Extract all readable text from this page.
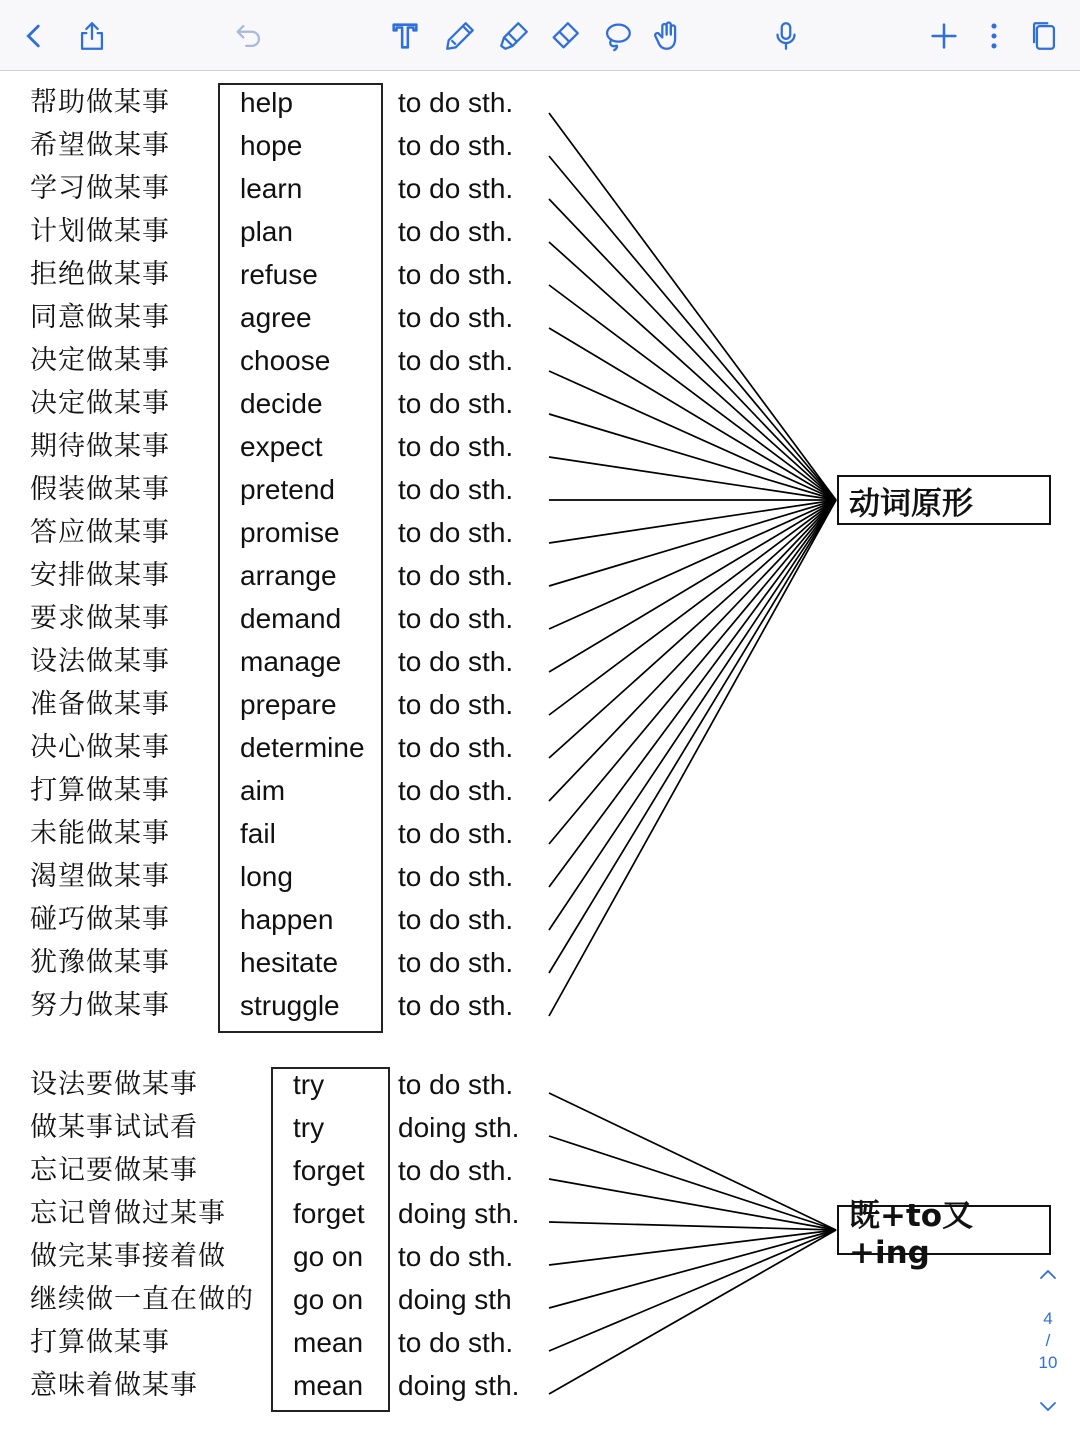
动词原形
既+to又+ing
帮助做某事	help	to do sth.
希望做某事	hope	to do sth.
学习做某事	learn	to do sth.
计划做某事	plan	to do sth.
拒绝做某事	refuse	to do sth.
同意做某事	agree	to do sth.
决定做某事	choose to do sth.
决定做某事	decide	to do sth.
期待做某事	expect	to do sth.
假装做某事	pretend to do sth.
答应做某事	promise to do sth.
安排做某事	arrange to do sth.
要求做某事	demand to do sth.
设法做某事	manage to do sth.
准备做某事	prepare to do sth.
决心做某事	determine to do sth.
打算做某事	aim	to do sth.
未能做某事	fail	to do sth.
渴望做某事	long	to do sth.
碰巧做某事	happen to do sth.
犹豫做某事	hesitate to do sth.
努力做某事	struggle to do sth.
设法要做某事	try	to do sth.
做某事试试看	try	doing sth.
忘记要做某事	forget to do sth.
忘记曾做过某事 forget doing sth.
做完某事接着做 go on to do sth.
继续做一直在做的 go on doing sth
打算做某事	mean to do sth.
意味着做某事	mean doing sth.
4
/
10
